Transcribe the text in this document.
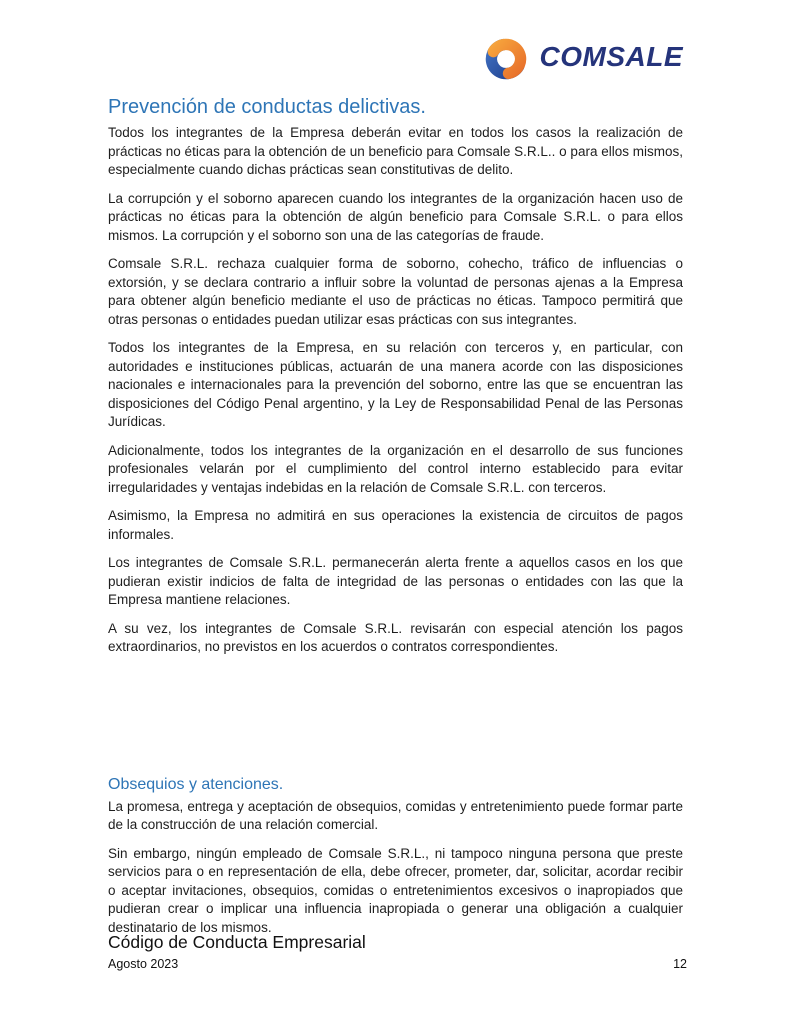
COMSALE
Prevención de conductas delictivas.

Todos los integrantes de la Empresa deberán evitar en todos los casos la realización de prácticas no éticas para la obtención de un beneficio para Comsale S.R.L.. o para ellos mismos, especialmente cuando dichas prácticas sean constitutivas de delito.

La corrupción y el soborno aparecen cuando los integrantes de la organización hacen uso de prácticas no éticas para la obtención de algún beneficio para Comsale S.R.L. o para ellos mismos. La corrupción y el soborno son una de las categorías de fraude.

Comsale S.R.L. rechaza cualquier forma de soborno, cohecho, tráfico de influencias o extorsión, y se declara contrario a influir sobre la voluntad de personas ajenas a la Empresa para obtener algún beneficio mediante el uso de prácticas no éticas. Tampoco permitirá que otras personas o entidades puedan utilizar esas prácticas con sus integrantes.

Todos los integrantes de la Empresa, en su relación con terceros y, en particular, con autoridades e instituciones públicas, actuarán de una manera acorde con las disposiciones nacionales e internacionales para la prevención del soborno, entre las que se encuentran las disposiciones del Código Penal argentino, y la Ley de Responsabilidad Penal de las Personas Jurídicas.

Adicionalmente, todos los integrantes de la organización en el desarrollo de sus funciones profesionales velarán por el cumplimiento del control interno establecido para evitar irregularidades y ventajas indebidas en la relación de Comsale S.R.L. con terceros.

Asimismo, la Empresa no admitirá en sus operaciones la existencia de circuitos de pagos informales.

Los integrantes de Comsale S.R.L. permanecerán alerta frente a aquellos casos en los que pudieran existir indicios de falta de integridad de las personas o entidades con las que la Empresa mantiene relaciones.

A su vez, los integrantes de Comsale S.R.L. revisarán con especial atención los pagos extraordinarios, no previstos en los acuerdos o contratos correspondientes.

Obsequios y atenciones.

La promesa, entrega y aceptación de obsequios, comidas y entretenimiento puede formar parte de la construcción de una relación comercial.

Sin embargo, ningún empleado de Comsale S.R.L., ni tampoco ninguna persona que preste servicios para o en representación de ella, debe ofrecer, prometer, dar, solicitar, acordar recibir o aceptar invitaciones, obsequios, comidas o entretenimientos excesivos o inapropiados que pudieran crear o implicar una influencia inapropiada o generar una obligación a cualquier destinatario de los mismos.

Código de Conducta Empresarial
Agosto 2023	12
